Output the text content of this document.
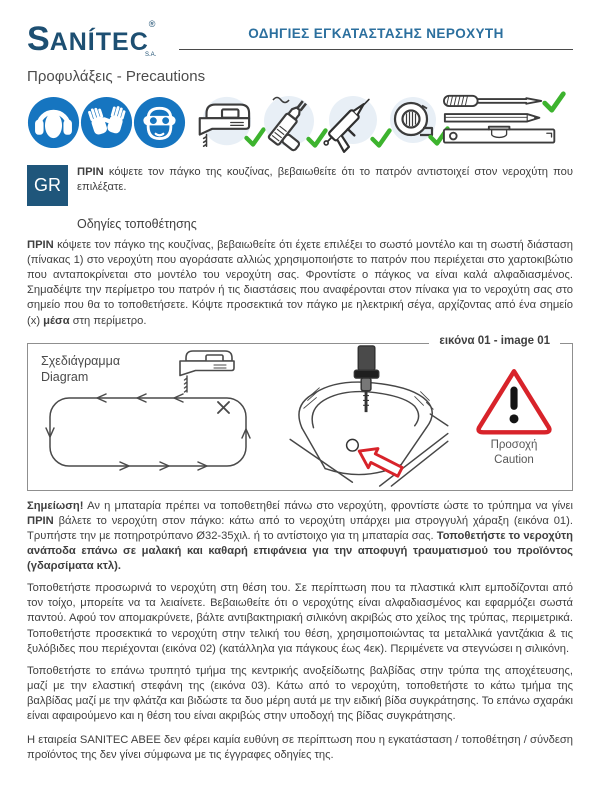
SANÍTEC®
S.A.
ΟΔΗΓΙΕΣ ΕΓΚΑΤΑΣΤΑΣΗΣ ΝΕΡΟΧΥΤΗ
Προφυλάξεις - Precautions
GR
ΠΡΙΝ κόψετε τον πάγκο της κουζίνας, βεβαιωθείτε ότι το πατρόν αντιστοιχεί στον νεροχύτη που επιλέξατε.
Οδηγίες τοποθέτησης

ΠΡΙΝ κόψετε τον πάγκο της κουζίνας, βεβαιωθείτε ότι έχετε επιλέξει το σωστό μοντέλο και τη σωστή διάσταση (πίνακας 1) στο νεροχύτη που αγοράσατε αλλιώς χρησιμοποιήστε το πατρόν που περιέχεται στο χαρτοκιβώτιο που ανταποκρίνεται στο μοντέλο του νεροχύτη σας. Φροντίστε ο πάγκος να είναι καλά αλφαδιασμένος. Σημαδέψτε την περίμετρο του πατρόν ή τις διαστάσεις που αναφέρονται στον πίνακα για το νεροχύτη σας στο σημείο που θα το τοποθετήσετε. Κόψτε προσεκτικά τον πάγκο με ηλεκτρική σέγα, αρχίζοντας από ένα σημείο (x) μέσα στη περίμετρο.

εικόνα 01 - image 01
Σχεδιάγραμμα
Diagram
Προσοχή
Caution

Σημείωση! Αν η μπαταρία πρέπει να τοποθετηθεί πάνω στο νεροχύτη, φροντίστε ώστε το τρύπημα να γίνει ΠΡΙΝ βάλετε το νεροχύτη στον πάγκο: κάτω από το νεροχύτη υπάρχει μια στρογγυλή χάραξη (εικόνα 01). Τρυπήστε την με ποτηροτρύπανο Ø32-35χιλ. ή το αντίστοιχο για τη μπαταρία σας. Τοποθετήστε το νεροχύτη ανάποδα επάνω σε μαλακή και καθαρή επιφάνεια για την αποφυγή τραυματισμού του προϊόντος (γδαρσίματα κτλ).

Τοποθετήστε προσωρινά το νεροχύτη στη θέση του. Σε περίπτωση που τα πλαστικά κλιπ εμποδίζονται από τον τοίχο, μπορείτε να τα λειαίνετε. Βεβαιωθείτε ότι ο νεροχύτης είναι αλφαδιασμένος και εφαρμόζει σωστά παντού. Αφού τον απομακρύνετε, βάλτε αντιβακτηριακή σιλικόνη ακριβώς στο χείλος της τρύπας, περιμετρικά. Τοποθετήστε προσεκτικά το νεροχύτη στην τελική του θέση, χρησιμοποιώντας τα μεταλλικά γαντζάκια & τις ξυλόβιδες που περιέχονται (εικόνα 02) (κατάλληλα για πάγκους έως 4εκ). Περιμένετε να στεγνώσει η σιλικόνη.

Τοποθετήστε το επάνω τρυπητό τμήμα της κεντρικής ανοξείδωτης βαλβίδας στην τρύπα της αποχέτευσης, μαζί με την ελαστική στεφάνη της (εικόνα 03). Κάτω από το νεροχύτη, τοποθετήστε το κάτω τμήμα της βαλβίδας μαζί με την φλάτζα και βιδώστε τα δυο μέρη αυτά με την ειδική βίδα συγκράτησης. Το επάνω σχαράκι είναι αφαιρούμενο και η θέση του είναι ακριβώς στην υποδοχή της βίδας συγκράτησης.

Η εταιρεία SANITEC ABEE δεν φέρει καμία ευθύνη σε περίπτωση που η εγκατάσταση / τοποθέτηση / σύνδεση προϊόντος της δεν γίνει σύμφωνα με τις έγγραφες οδηγίες της.
